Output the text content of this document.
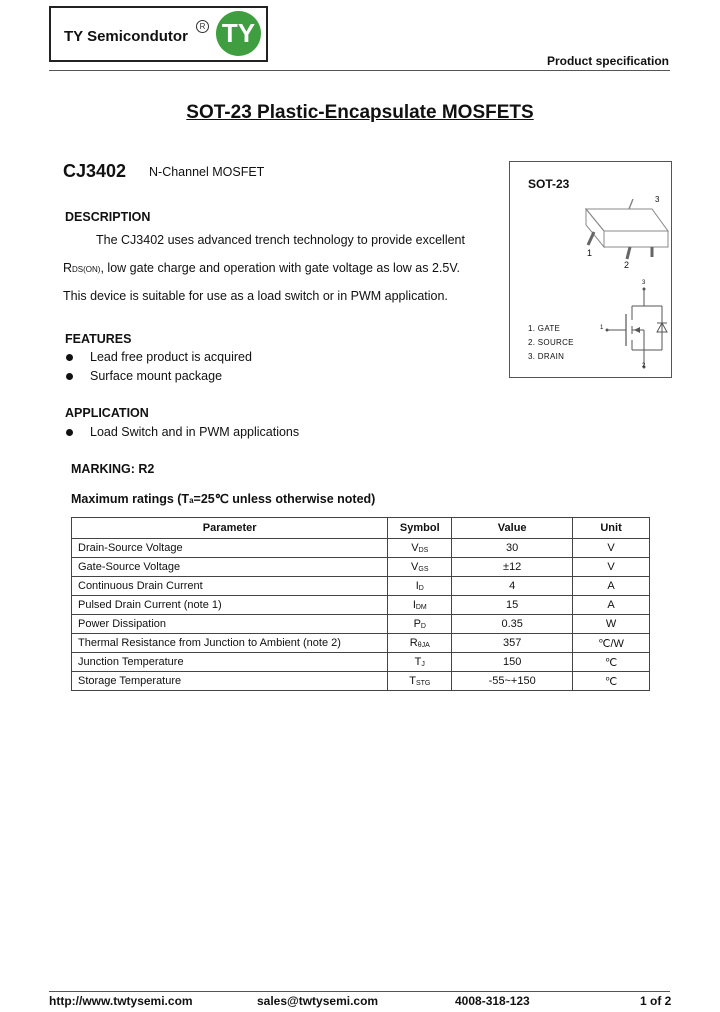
TY Semicondutor
R TY
Product specification
SOT-23 Plastic-Encapsulate MOSFETS
CJ3402 N-Channel MOSFET
DESCRIPTION
The CJ3402 uses advanced trench technology to provide excellent
RDS(ON), low gate charge and operation with gate voltage as low as 2.5V.
This device is suitable for use as a load switch or in PWM application.
FEATURES
Lead free product is acquired
Surface mount package
APPLICATION
Load Switch and in PWM applications
MARKING: R2
Maximum ratings (Ta=25℃ unless otherwise noted)
SOT-23
3
1
2
3
1
2
1. GATE
2. SOURCE
3. DRAIN
Parameter	Symbol	Value	Unit
Drain-Source Voltage	VDS	30	V
Gate-Source Voltage	VGS	±12	V
Continuous Drain Current	ID	4	A
Pulsed Drain Current (note 1)	IDM	15	A
Power Dissipation	PD	0.35	W
Thermal Resistance from Junction to Ambient (note 2)	RθJA	357	℃/W
Junction Temperature	TJ	150	℃
Storage Temperature	TSTG	-55~+150	℃
http://www.twtysemi.com	sales@twtysemi.com	4008-318-123	1 of 2
